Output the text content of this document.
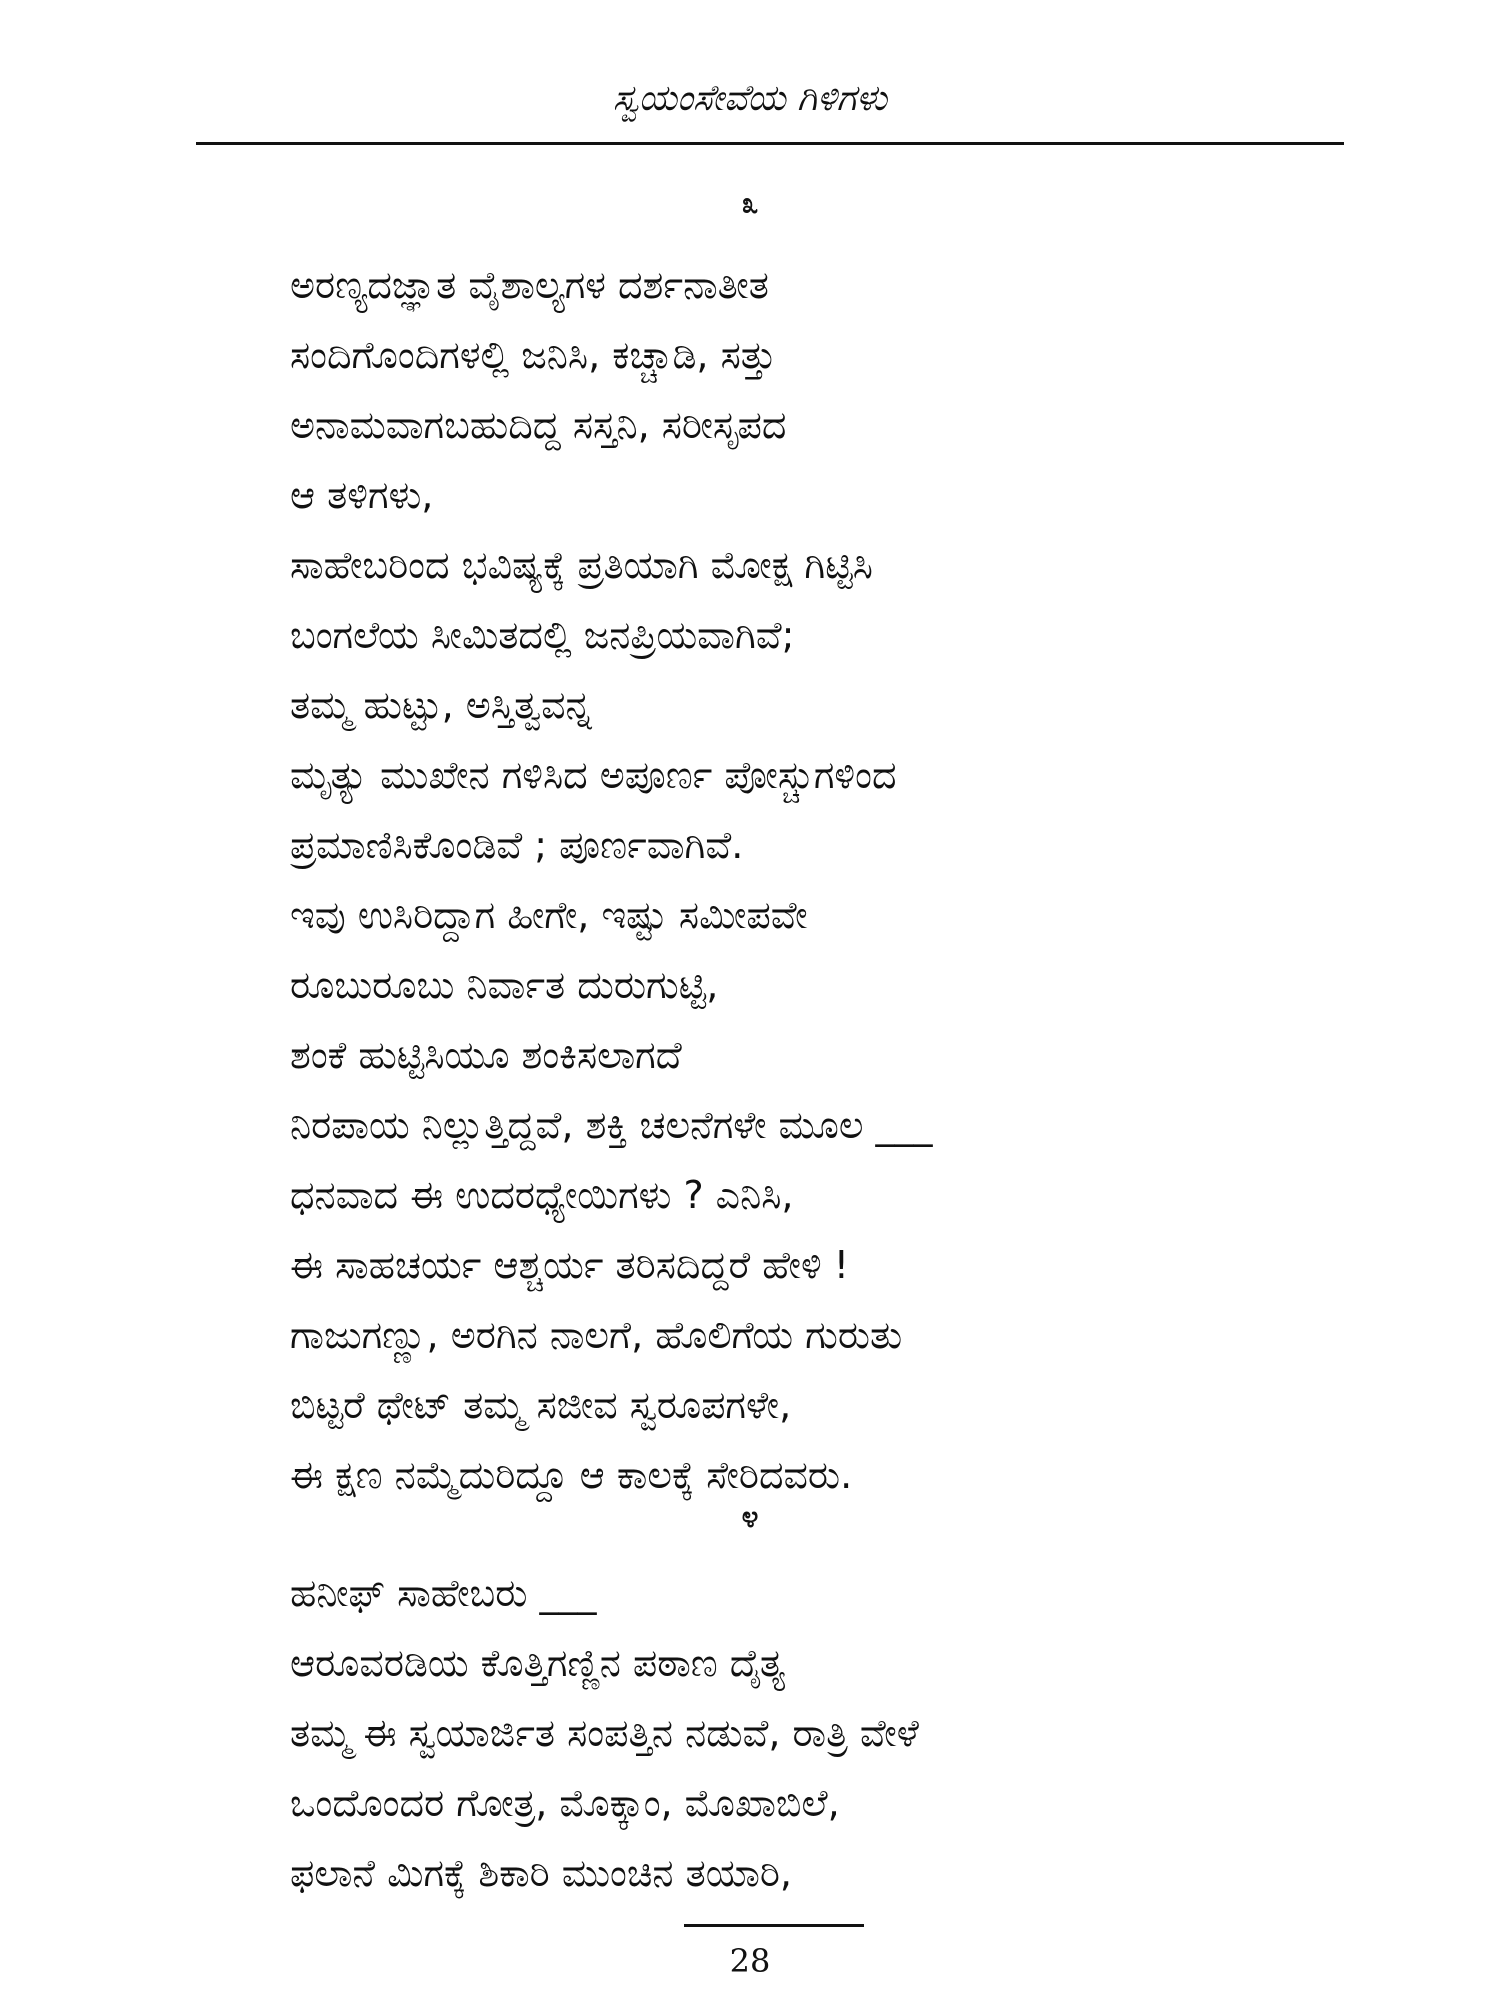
ಸ್ವಯಂಸೇವೆಯ ಗಿಳಿಗಳು
೩
ಅರಣ್ಯದಜ್ಞಾತ ವೈಶಾಲ್ಯಗಳ ದರ್ಶನಾತೀತ
ಸಂದಿಗೊಂದಿಗಳಲ್ಲಿ ಜನಿಸಿ, ಕಚ್ಚಾಡಿ, ಸತ್ತು
ಅನಾಮವಾಗಬಹುದಿದ್ದ ಸಸ್ತನಿ, ಸರೀಸೃಪದ
ಆ ತಳಿಗಳು,
ಸಾಹೇಬರಿಂದ ಭವಿಷ್ಯಕ್ಕೆ ಪ್ರತಿಯಾಗಿ ಮೋಕ್ಷ ಗಿಟ್ಟಿಸಿ
ಬಂಗಲೆಯ ಸೀಮಿತದಲ್ಲಿ ಜನಪ್ರಿಯವಾಗಿವೆ;
ತಮ್ಮ ಹುಟ್ಟು, ಅಸ್ತಿತ್ವವನ್ನ
ಮೃತ್ಯು ಮುಖೇನ ಗಳಿಸಿದ ಅಪೂರ್ಣ ಪೋಸ್ಚುಗಳಿಂದ
ಪ್ರಮಾಣಿಸಿಕೊಂಡಿವೆ ; ಪೂರ್ಣವಾಗಿವೆ.
ಇವು ಉಸಿರಿದ್ದಾಗ ಹೀಗೇ, ಇಷ್ಟು ಸಮೀಪವೇ
ರೂಬುರೂಬು ನಿರ್ವಾತ ದುರುಗುಟ್ಟಿ,
ಶಂಕೆ ಹುಟ್ಟಿಸಿಯೂ ಶಂಕಿಸಲಾಗದೆ
ನಿರಪಾಯ ನಿಲ್ಲುತ್ತಿದ್ದವೆ, ಶಕ್ತಿ ಚಲನೆಗಳೇ ಮೂಲ ___
ಧನವಾದ ಈ ಉದರಧ್ಯೇಯಿಗಳು ? ಎನಿಸಿ,
ಈ ಸಾಹಚರ್ಯ ಆಶ್ಚರ್ಯ ತರಿಸದಿದ್ದರೆ ಹೇಳಿ !
ಗಾಜುಗಣ್ಣು, ಅರಗಿನ ನಾಲಗೆ, ಹೊಲಿಗೆಯ ಗುರುತು
ಬಿಟ್ಟರೆ ಥೇಟ್ ತಮ್ಮ ಸಜೀವ ಸ್ವರೂಪಗಳೇ,
ಈ ಕ್ಷಣ ನಮ್ಮೆದುರಿದ್ದೂ ಆ ಕಾಲಕ್ಕೆ ಸೇರಿದವರು.
೪
ಹನೀಫ್ ಸಾಹೇಬರು ___
ಆರೂವರಡಿಯ ಕೊತ್ತಿಗಣ್ಣಿನ ಪಠಾಣ ದೈತ್ಯ
ತಮ್ಮ ಈ ಸ್ವಯಾರ್ಜಿತ ಸಂಪತ್ತಿನ ನಡುವೆ, ರಾತ್ರಿ ವೇಳೆ
ಒಂದೊಂದರ ಗೋತ್ರ, ಮೊಕ್ಕಾಂ, ಮೊಖಾಬಿಲೆ,
ಫಲಾನೆ ಮಿಗಕ್ಕೆ ಶಿಕಾರಿ ಮುಂಚಿನ ತಯಾರಿ,
28
